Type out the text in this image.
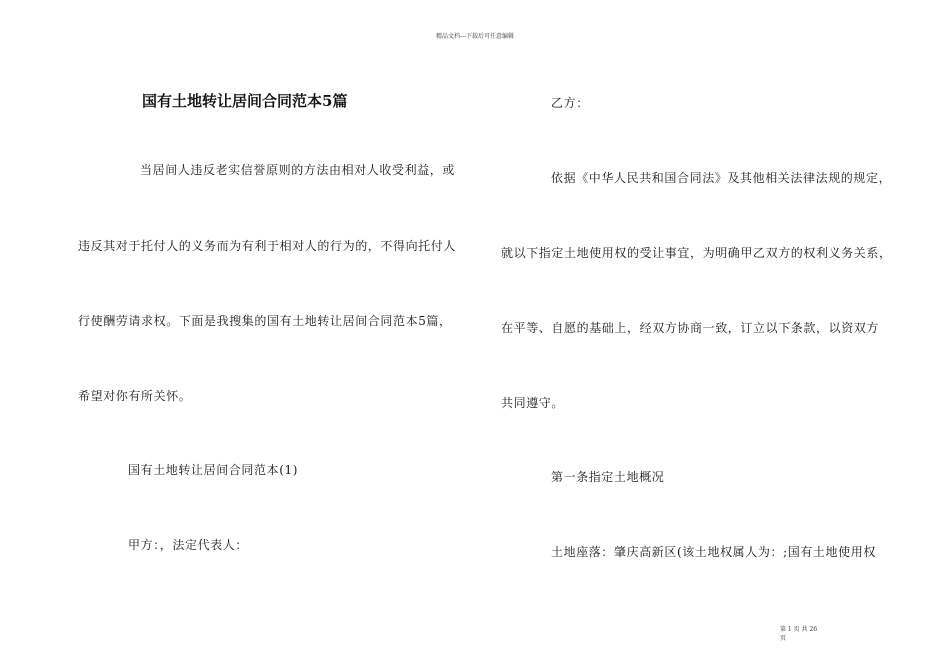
精品文档---下载后可任意编辑
国有土地转让居间合同范本5篇
当居间人违反老实信誉原则的方法由相对人收受利益，或
违反其对于托付人的义务而为有利于相对人的行为的，不得向托付人
行使酬劳请求权。下面是我搜集的国有土地转让居间合同范本5篇，
希望对你有所关怀。
国有土地转让居间合同范本(1)
甲方：，法定代表人：
乙方：
依据《中华人民共和国合同法》及其他相关法律法规的规定，
就以下指定土地使用权的受让事宜，为明确甲乙双方的权利义务关系，
在平等、自愿的基础上，经双方协商一致，订立以下条款，以资双方
共同遵守。
第一条指定土地概况
土地座落：肇庆高新区(该土地权属人为：;国有土地使用权
第 1 页 共 26
页
